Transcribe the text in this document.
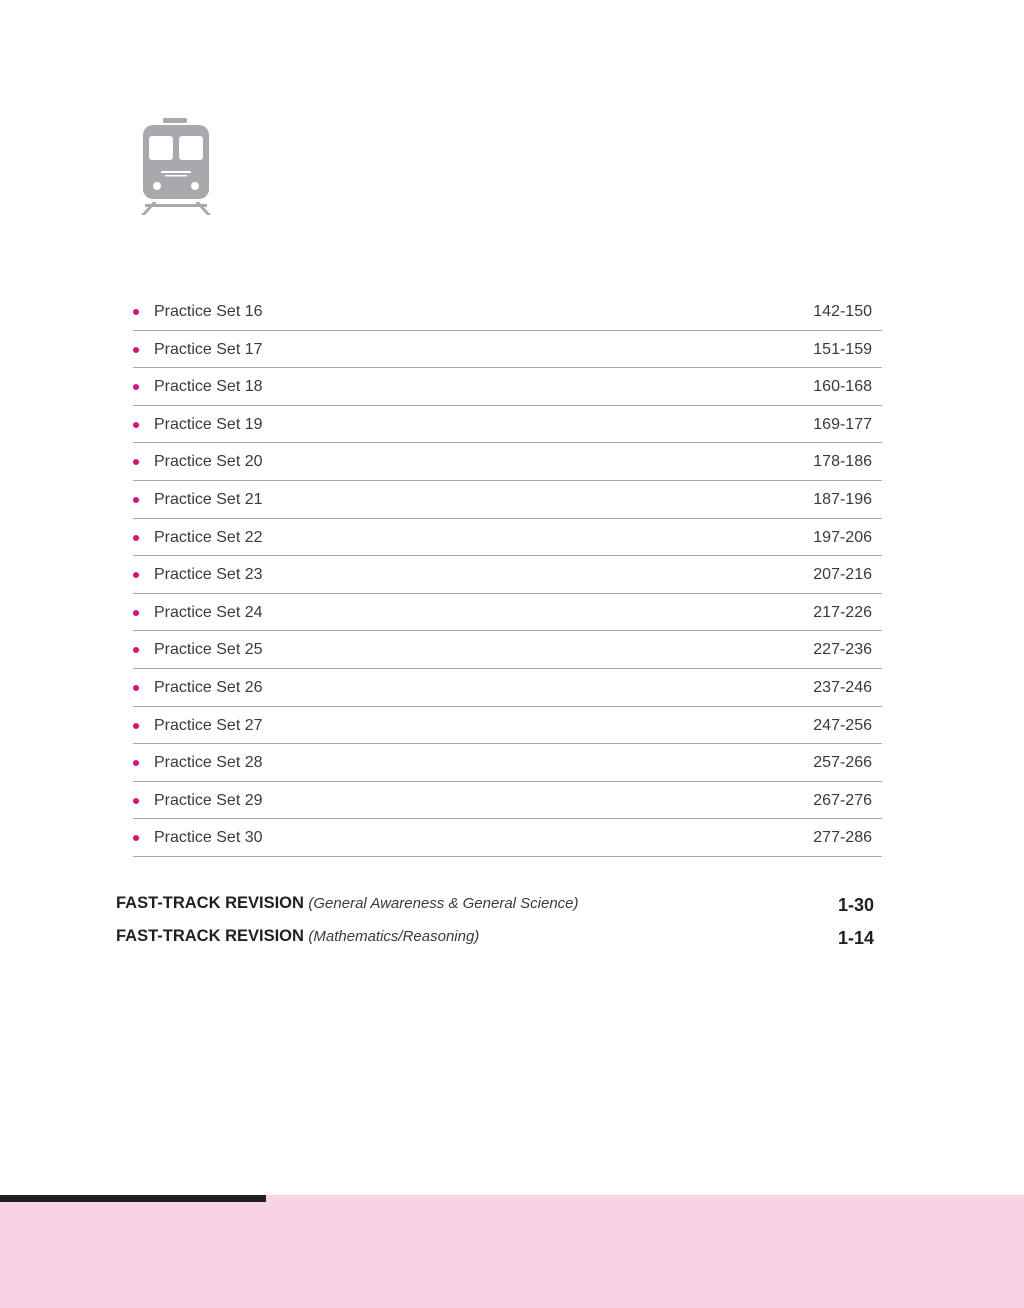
Practice Set 16	142-150
Practice Set 17	151-159
Practice Set 18	160-168
Practice Set 19	169-177
Practice Set 20	178-186
Practice Set 21	187-196
Practice Set 22	197-206
Practice Set 23	207-216
Practice Set 24	217-226
Practice Set 25	227-236
Practice Set 26	237-246
Practice Set 27	247-256
Practice Set 28	257-266
Practice Set 29	267-276
Practice Set 30	277-286
FAST-TRACK REVISION (General Awareness & General Science)	1-30
FAST-TRACK REVISION (Mathematics/Reasoning)	1-14
